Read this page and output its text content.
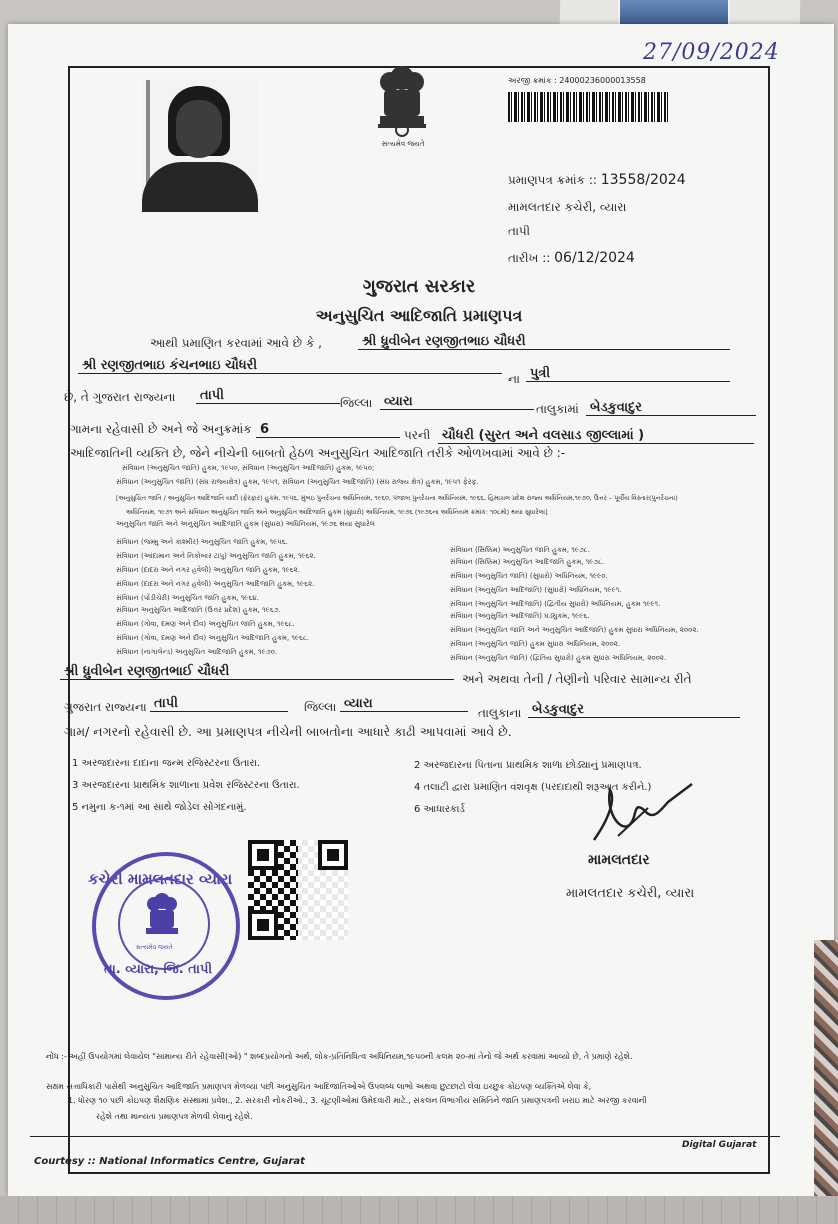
27/09/2024
સત્યમેવ જયતે
અરજી ક્રમાંક : 24000236000013558
પ્રમાણપત્ર ક્રમાંક :: 13558/2024
મામલતદાર કચેરી, વ્યારા
તાપી
તારીખ :: 06/12/2024
ગુજરાત સરકાર
અનુસુચિત આદિજાતિ પ્રમાણપત્ર
આથી પ્રમાણિત કરવામાં આવે છે કે ,	શ્રી ધ્રુવીબેન રણજીતભાઇ ચૌધરી
શ્રી રણજીતભાઇ કંચનભાઇ ચૌધરી
ના પુત્રી
છે, તે ગુજરાત રાજ્યના	તાપી	જિલ્લા વ્યારા	તાલુકામાં બેડકુવાદુર
ગામના રહેવાસી છે અને જે અનુક્રમાંક 6	પરની ચૌધરી (સુરત અને વલસાડ જીલ્લામાં )
આદિજાતિની વ્યક્તિ છે, જેને નીચેની બાબતો હેઠળ અનુસુચિત આદિજાતિ તરીકે ઓળખવામાં આવે છે :-
સંવિધાન (અનુસુચિત જાતિ) હુકમ, ૧૯૫૦, સંવિધાન (અનુસુચિત આદિજાતિ) હુકમ, ૧૯૫૦;
સંવિધાન (અનુસુચિત જાતિ) (સંઘ રાજ્યક્ષેત્ર) હુકમ, ૧૯૫૧, સંવિધાન (અનુસુચિત આદિજાતિ) (સંઘ રાજ્ય ક્ષેત્ર) હુકમ, ૧૯૫૧ ફેરફ.
[અનુસુચિત જાતિ / અનુસુચિત આદિજાતિ યાદી (ફેરફાર) હુકમ, ૧૯૫૬, મુંબઇ પુનર્રચના અધિનિયમ, ૧૯૬૦, પંજાબ પુનર્રચના અધિનિયમ, ૧૯૬૬, હિમાચલ પ્રદેશ રાજ્ય અધિનિયમ,૧૯૭૦, ઉત્તર – પૂર્વીય વિસ્તાર(પુનર્રચના)
અધિનિયમ, ૧૯૭૧ અને સંવિધાન અનુસુચિત જાતિ અને અનુસુચિત આદિજાતિ હુકમ (સુધારો) અધિનિયમ, ૧૯૭૬ (૧૯૭૬ના અધિનિયમ ક્રમાંક: ૧૦૮મો) થયા સુધારેલા]
અનુસુચિત જાતિ અને અનુસુચિત આદિજાતિ હુકમ (સુધારા) અધિનિયમ, ૧૯૭૬ થયા સુધારેલ
સંવિધાન (જમ્મુ અને કાશ્મીર) અનુસુચિત જાતિ હુકમ, ૧૯૫૬.
સંવિધાન (આંદામાન અને નિકોબાર ટાપુ) અનુસુચિત જાતિ હુકમ, ૧૯૬૨.
સંવિધાન (દાદરા અને નગર હવેલી) અનુસુચિત જાતિ હુકમ, ૧૯૬૨.
સંવિધાન (દાદરા અને નગર હવેલી) અનુસુચિત આદિજાતિ હુકમ, ૧૯૬૨.
સંવિધાન (પોંડીચેરી) અનુસુચિત જાતિ હુકમ, ૧૯૬૪.
સંવિધાન અનુસુચિત આદિજાતિ (ઉત્તર પ્રદેશ) હુકમ, ૧૯૬૭.
સંવિધાન (ગોવા, દમણ અને દીવ) અનુસુચિત જાતિ હુકમ, ૧૯૬૮.
સંવિધાન (ગોવા, દમણ અને દીવ) અનુસુચિત આદિજાતિ હુકમ, ૧૯૬૮.
સંવિધાન (નાગાલેન્ડ) અનુસુચિત આદિજાતિ હુકમ, ૧૯૭૦.
સંવિધાન (સિક્કિમ) અનુસુચિત જાતિ હુકમ, ૧૯૭૮.
સંવિધાન (સિક્કિમ) અનુસુચિત આદિજાતિ હુકમ, ૧૯૭૮.
સંવિધાન (અનુસુચિત જાતિ) (સુધારો) અધિનિયમ, ૧૯૯૦.
સંવિધાન (અનુસુચિત આદિજાતિ) (સુધારો) અધિનિયમ, ૧૯૯૧.
સંવિધાન (અનુસુચિત આદિજાતિ) (દ્વિતીય સુધારો) અધિનિયમ, હુકમ ૧૯૯૧.
સંવિધાન (અનુસુચિત આદિજાતિ) ઘડ્યુકમ, ૧૯૯૬.
સંવિધાન (અનુસુચિત જાતિ અને અનુસુચિત આદિજાતિ) હુકમ સુધારા અધિનિયમ, ૨૦૦૨.
સંવિધાન (અનુસુચિત જાતિ) હુકમ સુધારા અધિનિયમ, ૨૦૦૨.
સંવિધાન (અનુસુચિત જાતિ) (દ્વિતિય સુધારો) હુકમ સુધારા અધિનિયમ, ૨૦૦૨.
શ્રી ધ્રુવીબેન રણજીતભાઈ ચૌધરી	અને અથવા તેની / તેણીનો પરિવાર સામાન્ય રીતે
ગુજરાત રાજ્યના તાપી	જિલ્લા વ્યારા
તાલુકાના બેડકુવાદુર
ગામ/ નગરનો રહેવાસી છે. આ પ્રમાણપત્ર નીચેની બાબતોના આધારે કાઢી આપવામાં આવે છે.
1 અરજદારના દાદાના જન્મ રજિસ્ટરના ઉતારા.	2 અરજદારના પિતાના પ્રાથમિક શાળા છોડ્યાનું પ્રમાણપત્ર.
3 અરજદારના પ્રાથમિક શાળાના પ્રવેશ રજિસ્ટરના ઉતારા.	4 તલાટી દ્વારા પ્રમાણિત વંશવૃક્ષ (પરદાદાથી શરૂઆત કરીને.)
5 નમુના ક-૧માં આ સાથે જોડેલ સોગંદનામું.	6 આધારકાર્ડ
મામલતદાર
મામલતદાર કચેરી, વ્યારા
કચેરી મામલતદાર વ્યારા
સત્યમેવ જયતે
તા. વ્યારા, જિ. તાપી
નોંધ :- અહીં ઉપયોગમાં લેવાયેલ "સામાન્ય રીતે રહેવાસી(ઓ) " શબ્દપ્રયોગનો અર્થ, લોક-પ્રતિનિધિત્વ અધિનિયમ,૧૯૫૦ની કલમ ૨૦-માં તેનો જે અર્થ કરવામાં આવ્યો છે, તે પ્રમાણે રહેશે.
સક્ષમ સત્તાધિકારી પાસેથી અનુસુચિત આદિજાતિ પ્રમાણપત્ર મેળવ્યા પછી અનુસુચિત આદિજાતિઓએ ઉપલબ્ધ લાભો અથવા છુટછાટો લેવા ઇચ્છુક કોઇપણ વ્યક્તિએ લેવા કે,
1. ધોરણ ૧૦ પછી કોઇપણ શૈક્ષણિક સંસ્થામાં પ્રવેશ., 2. સરકારી નોકરીઓ., 3. ચૂંટણીઓમાં ઉમેદવારી માટે., સંકલન વિભાગીય સમિતિને જાતિ પ્રમાણપત્રની ખરાઇ માટે અરજી કરવાની
રહેશે તથા માન્યતા પ્રમાણપત્ર મેળવી લેવાનું રહેશે.
Digital Gujarat
Courtesy :: National Informatics Centre, Gujarat
